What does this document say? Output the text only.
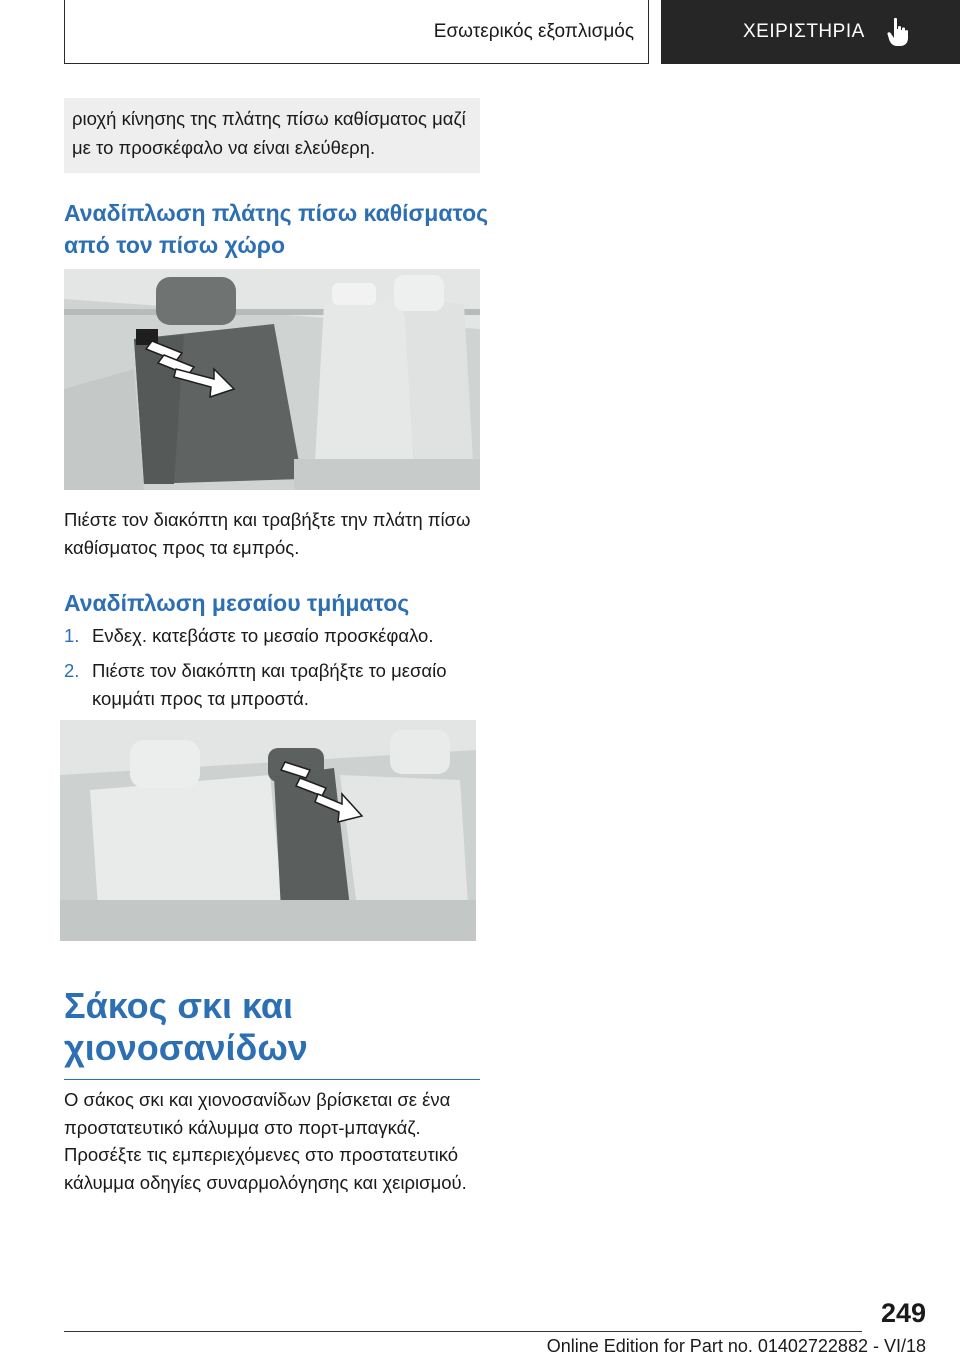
Εσωτερικός εξοπλισμός	ΧΕΙΡΙΣΤΗΡΙΑ
ριοχή κίνησης της πλάτης πίσω καθίσματος μαζί με το προσκέφαλο να είναι ελεύθερη.
Αναδίπλωση πλάτης πίσω καθίσματος από τον πίσω χώρο
Πιέστε τον διακόπτη και τραβήξτε την πλάτη πίσω καθίσματος προς τα εμπρός.
Αναδίπλωση μεσαίου τμήματος
1. Ενδεχ. κατεβάστε το μεσαίο προσκέφαλο.
2. Πιέστε τον διακόπτη και τραβήξτε το μεσαίο κομμάτι προς τα μπροστά.
Σάκος σκι και χιονοσανίδων
Ο σάκος σκι και χιονοσανίδων βρίσκεται σε ένα προστατευτικό κάλυμμα στο πορτ-μπαγκάζ.
Προσέξτε τις εμπεριεχόμενες στο προστατευτικό κάλυμμα οδηγίες συναρμολόγησης και χειρισμού.
249
Online Edition for Part no. 01402722882 - VI/18
